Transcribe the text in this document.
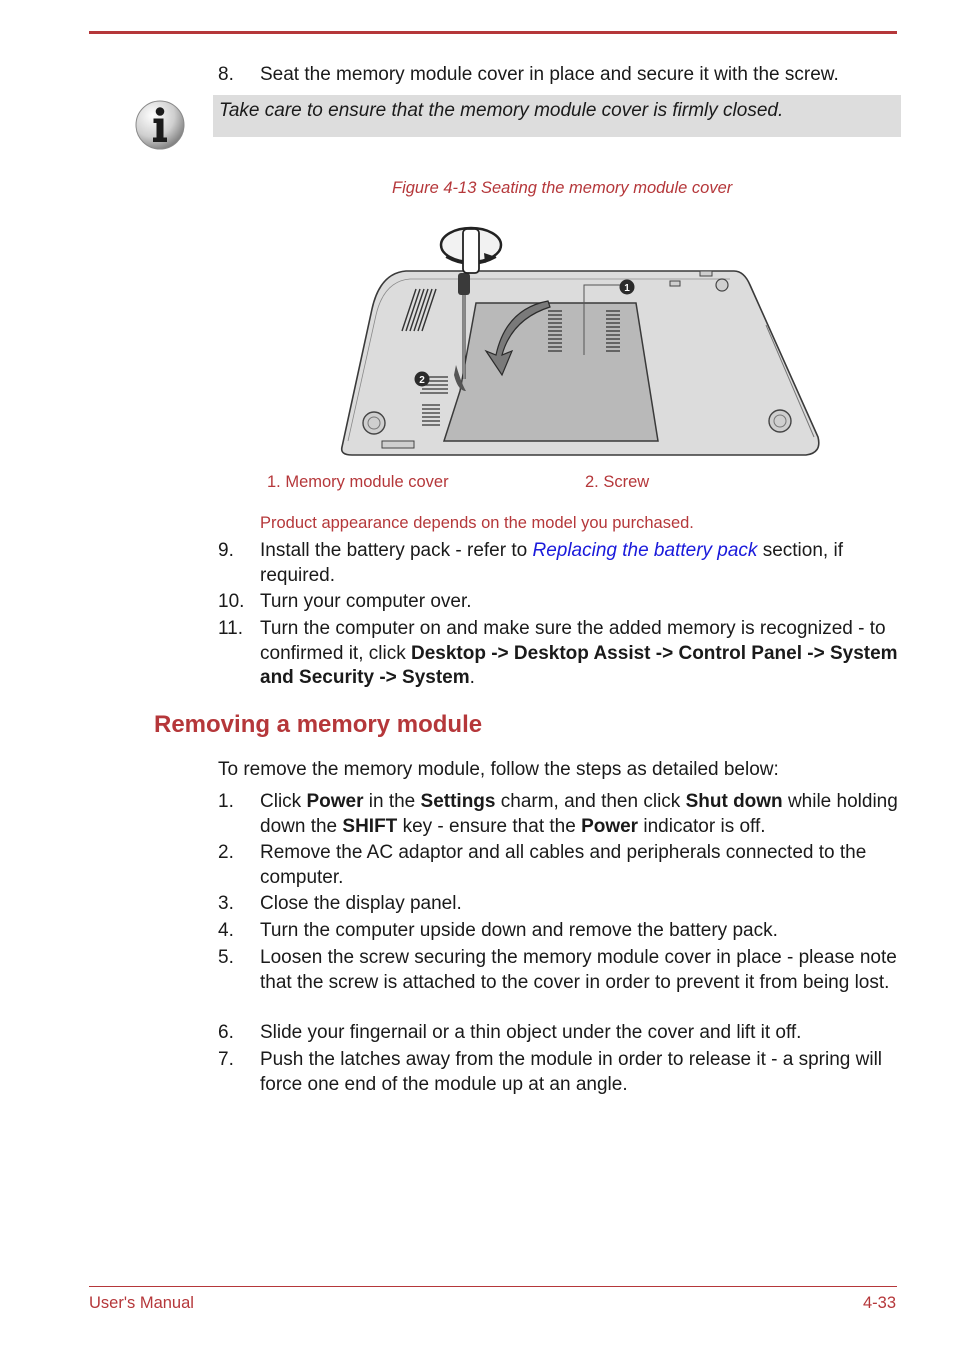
8. Seat the memory module cover in place and secure it with the screw.
Take care to ensure that the memory module cover is firmly closed.
Figure 4-13 Seating the memory module cover
1
2
1. Memory module cover	2. Screw
Product appearance depends on the model you purchased.
9. Install the battery pack - refer to Replacing the battery pack section, if required.
10. Turn your computer over.
11. Turn the computer on and make sure the added memory is recognized - to confirmed it, click Desktop -> Desktop Assist -> Control Panel -> System and Security -> System.
Removing a memory module
To remove the memory module, follow the steps as detailed below:
1. Click Power in the Settings charm, and then click Shut down while holding down the SHIFT key - ensure that the Power indicator is off.
2. Remove the AC adaptor and all cables and peripherals connected to the computer.
3. Close the display panel.
4. Turn the computer upside down and remove the battery pack.
5. Loosen the screw securing the memory module cover in place - please note that the screw is attached to the cover in order to prevent it from being lost.
6. Slide your fingernail or a thin object under the cover and lift it off.
7. Push the latches away from the module in order to release it - a spring will force one end of the module up at an angle.
User's Manual	4-33
